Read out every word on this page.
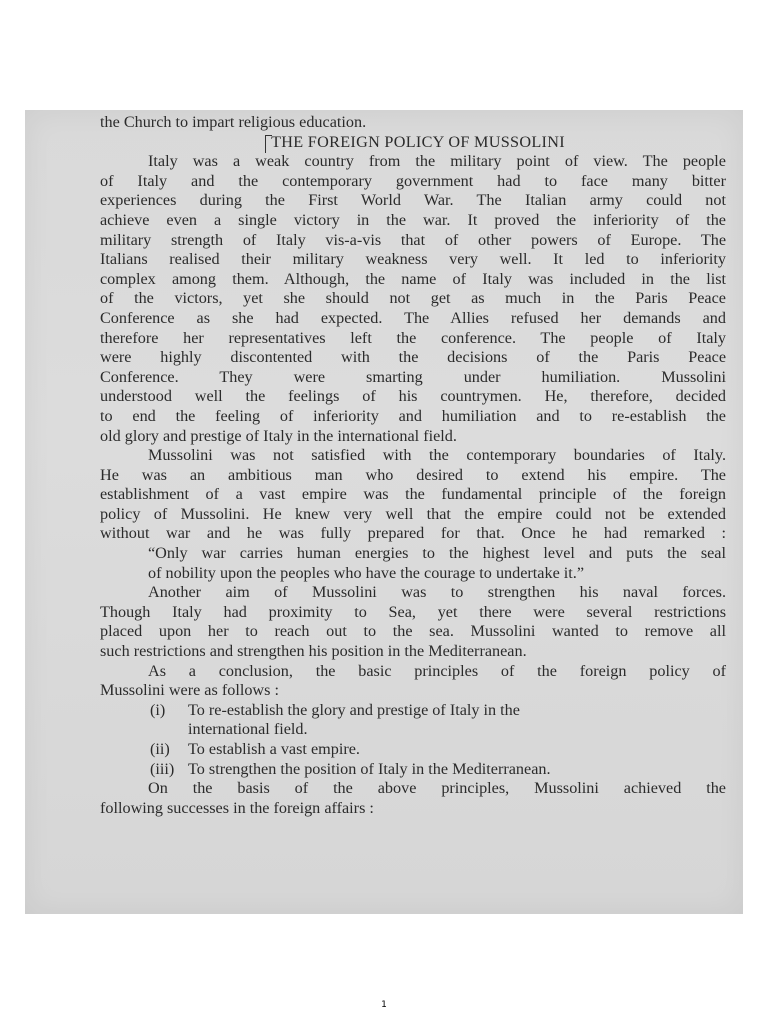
the Church to impart religious education.
THE FOREIGN POLICY OF MUSSOLINI
Italy was a weak country from the military point of view. The people
of Italy and the contemporary government had to face many bitter
experiences during the First World War. The Italian army could not
achieve even a single victory in the war. It proved the inferiority of the
military strength of Italy vis-a-vis that of other powers of Europe. The
Italians realised their military weakness very well. It led to inferiority
complex among them. Although, the name of Italy was included in the list
of the victors, yet she should not get as much in the Paris Peace
Conference as she had expected. The Allies refused her demands and
therefore her representatives left the conference. The people of Italy
were highly discontented with the decisions of the Paris Peace
Conference. They were smarting under humiliation. Mussolini
understood well the feelings of his countrymen. He, therefore, decided
to end the feeling of inferiority and humiliation and to re-establish the
old glory and prestige of Italy in the international field.
Mussolini was not satisfied with the contemporary boundaries of Italy.
He was an ambitious man who desired to extend his empire. The
establishment of a vast empire was the fundamental principle of the foreign
policy of Mussolini. He knew very well that the empire could not be extended
without war and he was fully prepared for that. Once he had remarked :
“Only war carries human energies to the highest level and puts the seal
of nobility upon the peoples who have the courage to undertake it.”
Another aim of Mussolini was to strengthen his naval forces.
Though Italy had proximity to Sea, yet there were several restrictions
placed upon her to reach out to the sea. Mussolini wanted to remove all
such restrictions and strengthen his position in the Mediterranean.
As a conclusion, the basic principles of the foreign policy of
Mussolini were as follows :
(i) To re-establish the glory and prestige of Italy in the
international field.
(ii) To establish a vast empire.
(iii) To strengthen the position of Italy in the Mediterranean.
On the basis of the above principles, Mussolini achieved the
following successes in the foreign affairs :
1
